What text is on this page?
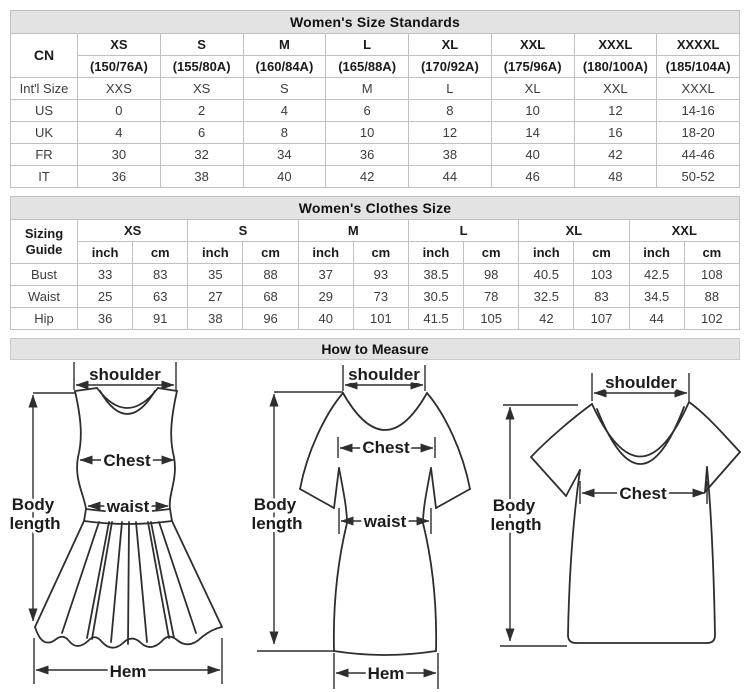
Women's Size Standards								
CN	XS	S	M	L	XL	XXL	XXXL	XXXXL
	(150/76A)	(155/80A)	(160/84A)	(165/88A)	(170/92A)	(175/96A)	(180/100A)	(185/104A)
Int'l Size	XXS	XS	S	M	L	XL	XXL	XXXL
US	0	2	4	6	8	10	12	14-16
UK	4	6	8	10	12	14	16	18-20
FR	30	32	34	36	38	40	42	44-46
IT	36	38	40	42	44	46	48	50-52
Women's Clothes Size												

Sizing
Guide	XS		S		M		L		XL		XXL	
	inch	cm	inch	cm	inch	cm	inch	cm	inch	cm	inch	cm
Bust	33	83	35	88	37	93	38.5	98	40.5	103	42.5	108
Waist	25	63	27	68	29	73	30.5	78	32.5	83	34.5	88
Hip	36	91	38	96	40	101	41.5	105	42	107	44	102
How to Measure
shoulder
Chest
waist
Body
length
Hem
shoulder
Chest
waist
Body
length
Hem
shoulder
Chest
Body
length
